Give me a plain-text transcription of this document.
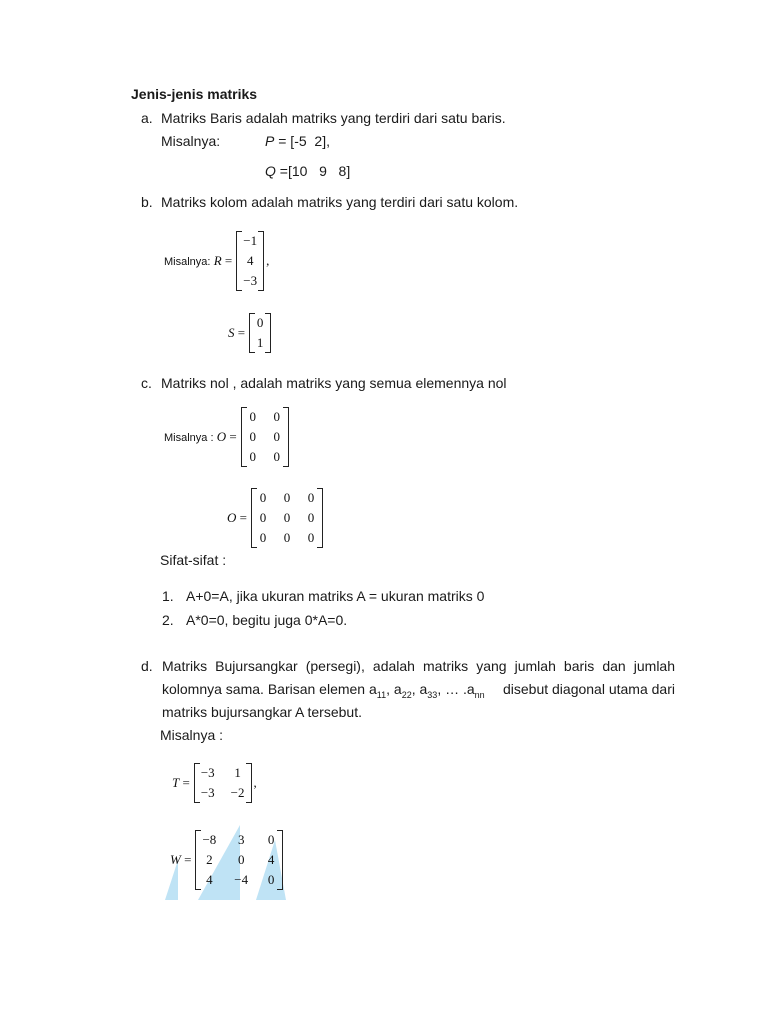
Jenis-jenis matriks
a. Matriks Baris adalah matriks yang terdiri dari satu baris.
Misalnya:	P = [-5  2],
Q =[10   9   8]
b. Matriks kolom adalah matriks yang terdiri dari satu kolom.
Misalnya: R =
−1
4
−3
,
S =
0
1
c. Matriks nol , adalah matriks yang semua elemennya nol
Misalnya : O =
0 0
0 0
0 0
O =
0 0 0
0 0 0
0 0 0
Sifat-sifat :
1. A+0=A, jika ukuran matriks A = ukuran matriks 0
2. A*0=0, begitu juga 0*A=0.
d. Matriks Bujursangkar (persegi), adalah matriks yang jumlah baris dan jumlah
kolomnya sama. Barisan elemen $a_{11}$, $a_{22}$, $a_{33}$, … $.a_{nn}$ disebut diagonal utama dari
matriks bujursangkar A tersebut.
Misalnya :
T =
−3 1
−3 −2
,
W =
−8 3 0
2 0 4
4 −4 0
